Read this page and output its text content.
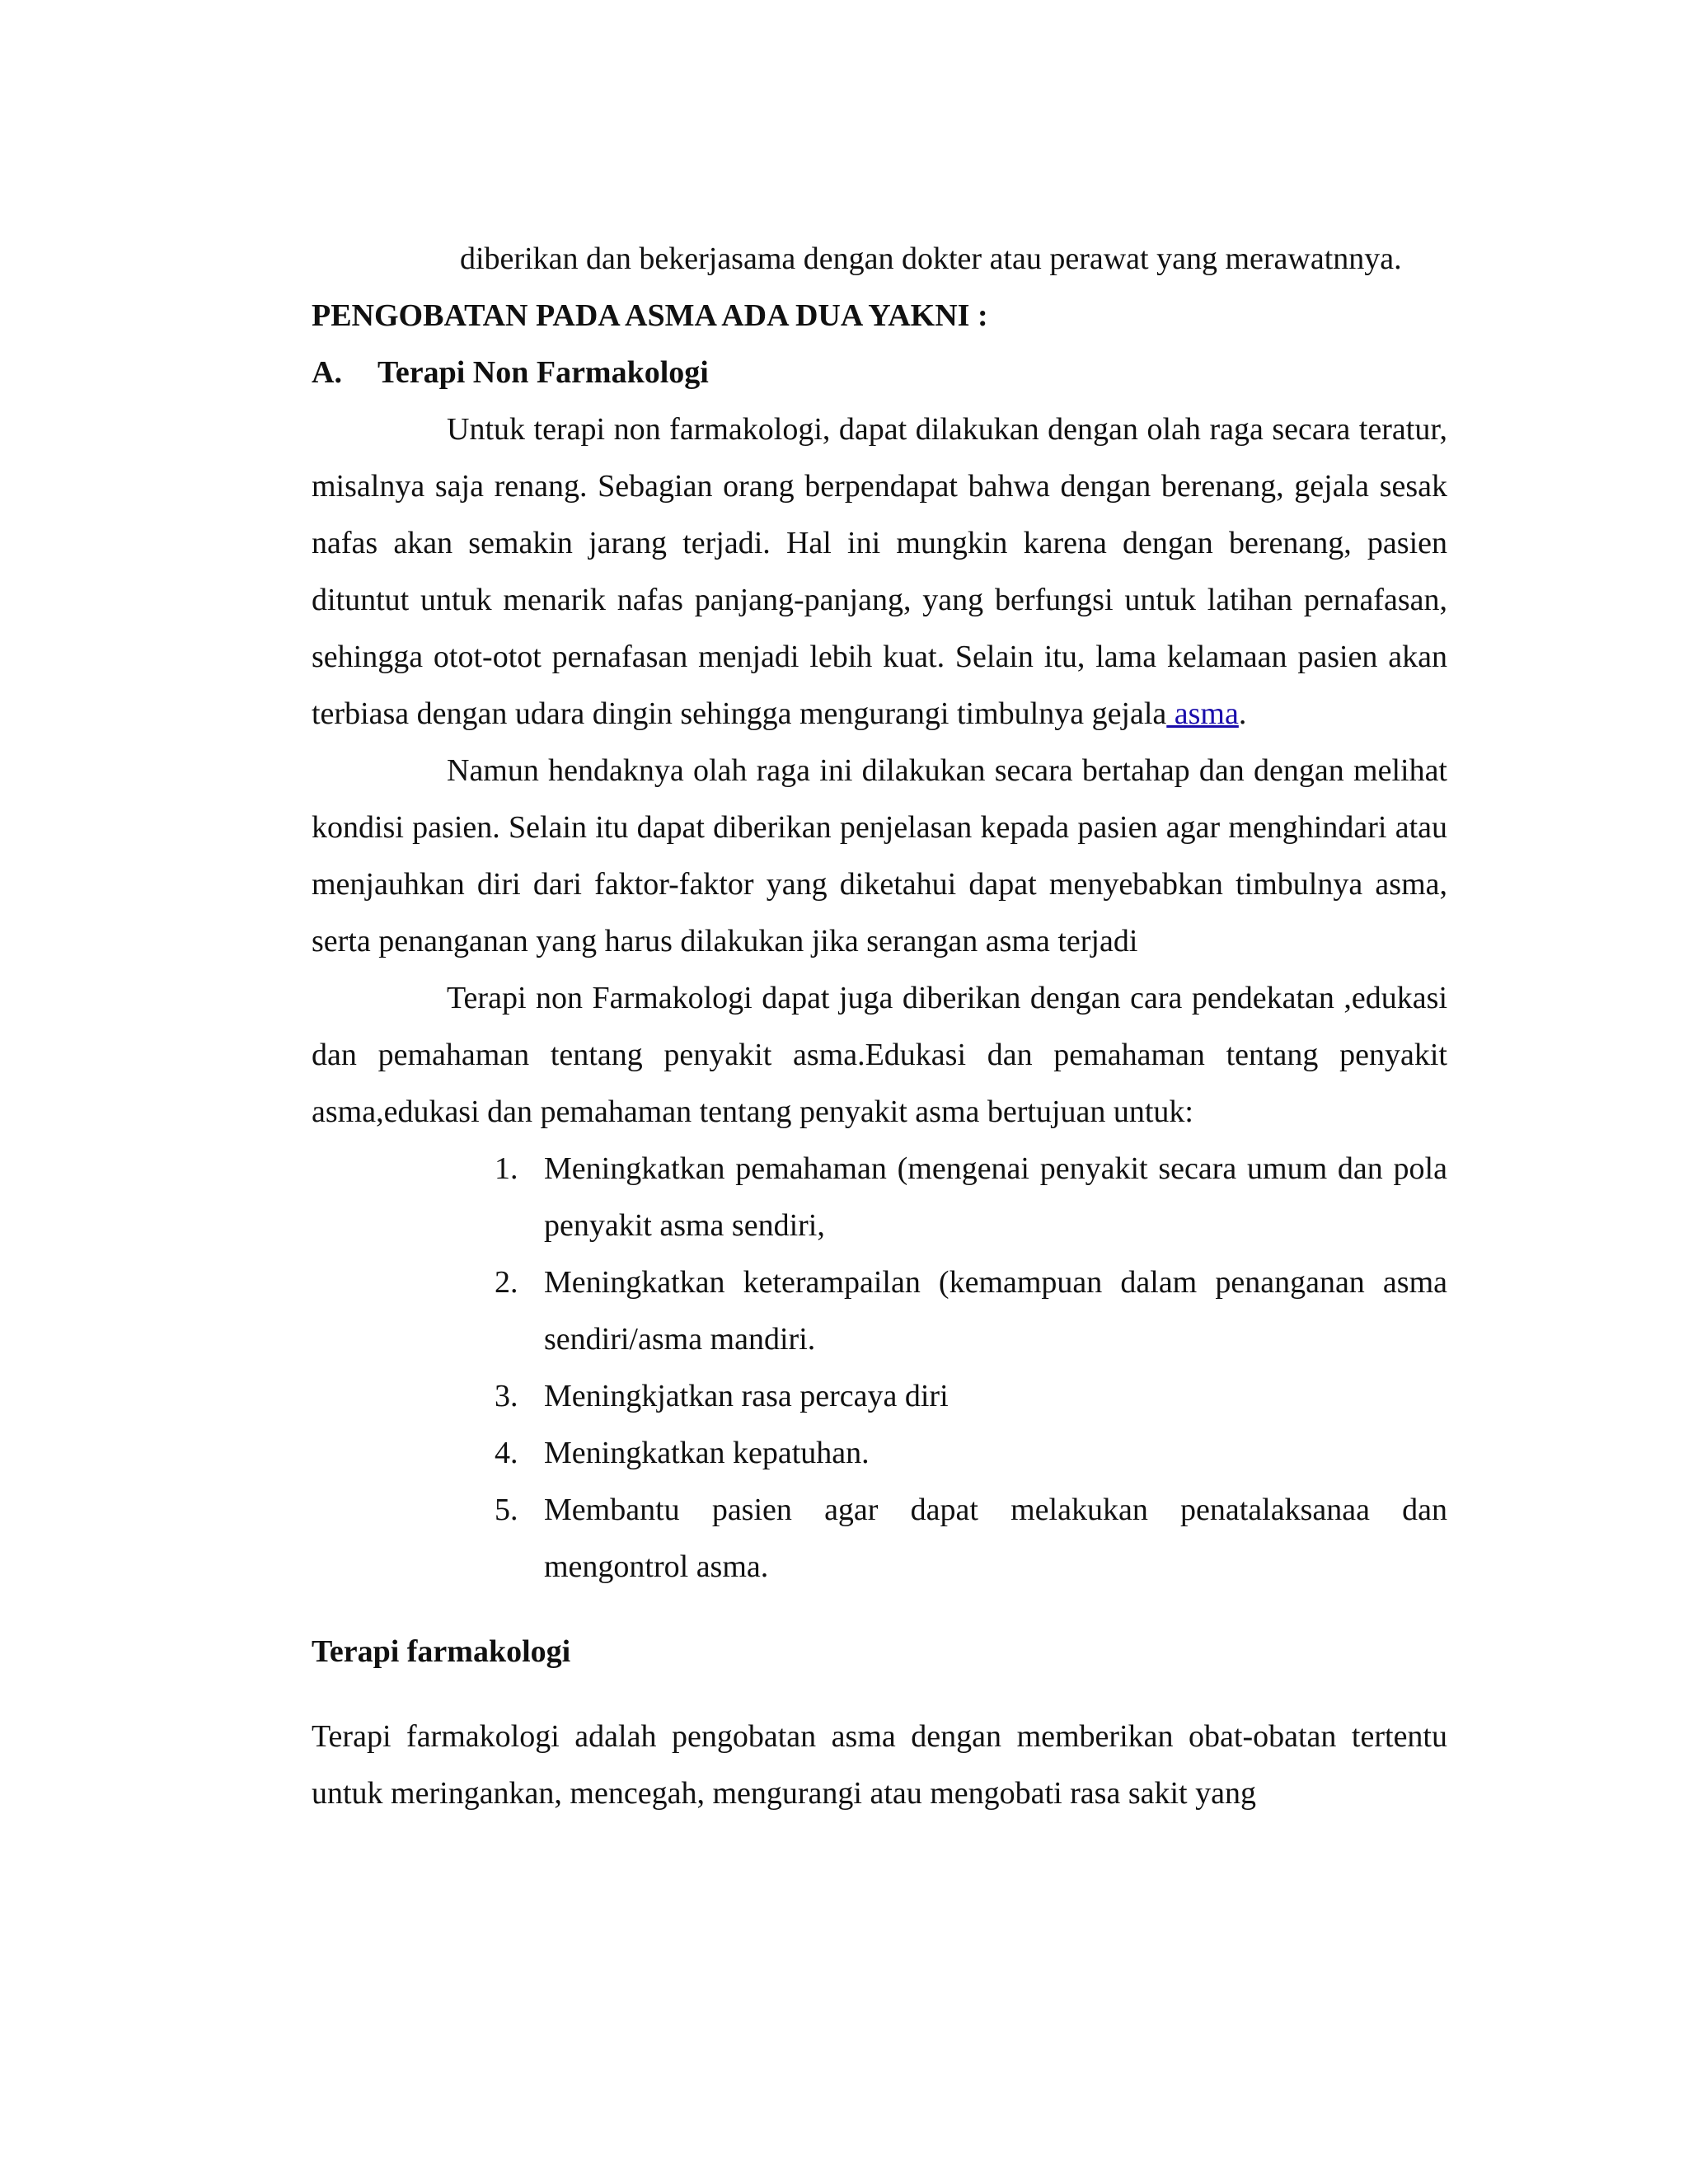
diberikan dan bekerjasama dengan dokter atau perawat yang merawatnnya.

PENGOBATAN PADA ASMA ADA DUA YAKNI :

A.	Terapi Non Farmakologi

Untuk terapi non farmakologi, dapat dilakukan dengan olah raga secara teratur, misalnya saja renang. Sebagian orang berpendapat bahwa dengan berenang, gejala sesak nafas akan semakin jarang terjadi. Hal ini mungkin karena dengan berenang, pasien dituntut untuk menarik nafas panjang-panjang, yang berfungsi untuk latihan pernafasan, sehingga otot-otot pernafasan menjadi lebih kuat. Selain itu, lama kelamaan pasien akan terbiasa dengan udara dingin sehingga mengurangi timbulnya gejala asma.

Namun hendaknya olah raga ini dilakukan secara bertahap dan dengan melihat kondisi pasien. Selain itu dapat diberikan penjelasan kepada pasien agar menghindari atau menjauhkan diri dari faktor-faktor yang diketahui dapat menyebabkan timbulnya asma, serta penanganan yang harus dilakukan jika serangan asma terjadi

Terapi non Farmakologi dapat juga diberikan dengan cara pendekatan ,edukasi dan pemahaman tentang penyakit asma.Edukasi dan pemahaman tentang penyakit asma,edukasi dan pemahaman tentang penyakit asma bertujuan untuk:

1. Meningkatkan pemahaman (mengenai penyakit secara umum dan pola penyakit asma sendiri,
2. Meningkatkan keterampailan (kemampuan dalam penanganan asma sendiri/asma mandiri.
3. Meningkjatkan rasa percaya diri
4. Meningkatkan kepatuhan.
5. Membantu pasien agar dapat melakukan penatalaksanaa dan mengontrol asma.

Terapi farmakologi

Terapi farmakologi adalah pengobatan asma dengan memberikan obat-obatan tertentu untuk meringankan, mencegah, mengurangi atau mengobati rasa sakit yang
